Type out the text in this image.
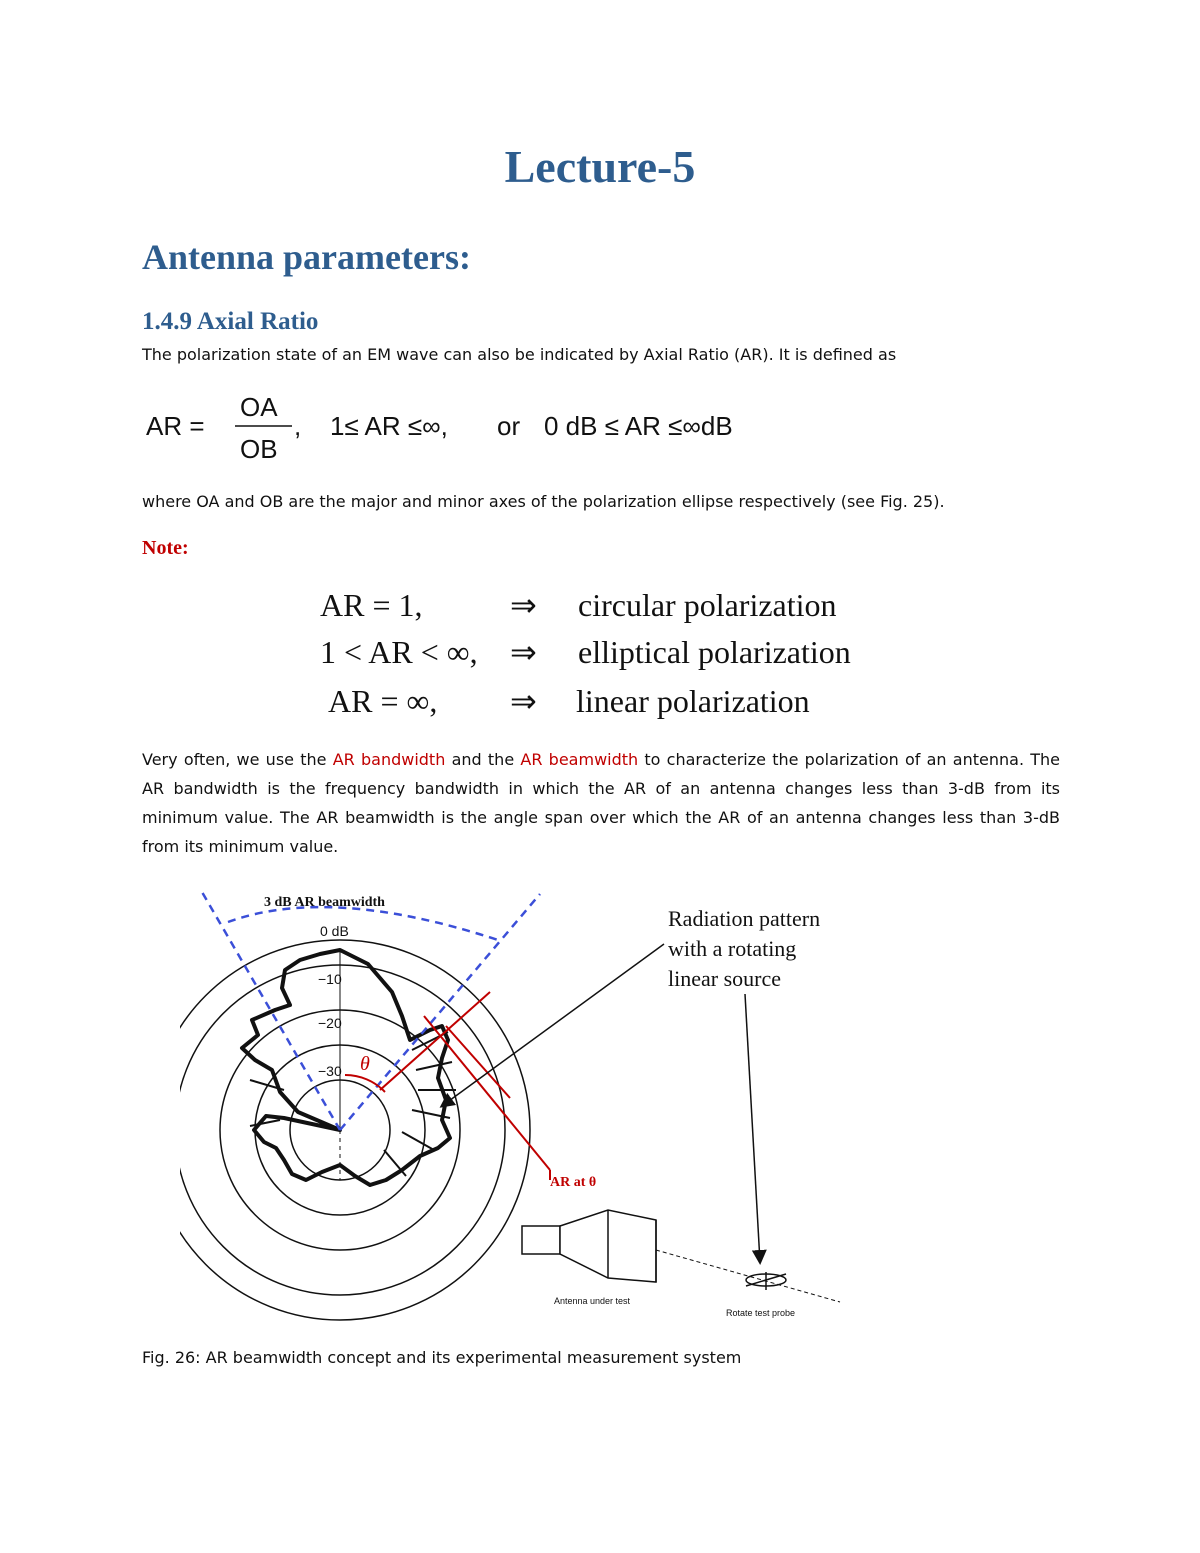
Lecture-5
Antenna parameters:
1.4.9 Axial Ratio
The polarization state of an EM wave can also be indicated by Axial Ratio (AR). It is defined as
AR =
OA
OB
, 1≤ AR ≤∞, or 0 dB ≤ AR ≤∞dB
where OA and OB are the major and minor axes of the polarization ellipse respectively (see Fig. 25).
Note:
AR = 1,	⇒ circular polarization
1 < AR < ∞, ⇒ elliptical polarization
AR = ∞, ⇒ linear polarization
Very often, we use the AR bandwidth and the AR beamwidth to characterize the polarization of an antenna. The AR bandwidth is the frequency bandwidth in which the AR of an antenna changes less than 3-dB from its minimum value. The AR beamwidth is the angle span over which the AR of an antenna changes less than 3-dB from its minimum value.
3 dB AR beamwidth
0 dB
−10
−20
−30 θ
AR at θ
Radiation pattern
with a rotating
linear source
Antenna under test
Rotate test probe
Fig. 26: AR beamwidth concept and its experimental measurement system
